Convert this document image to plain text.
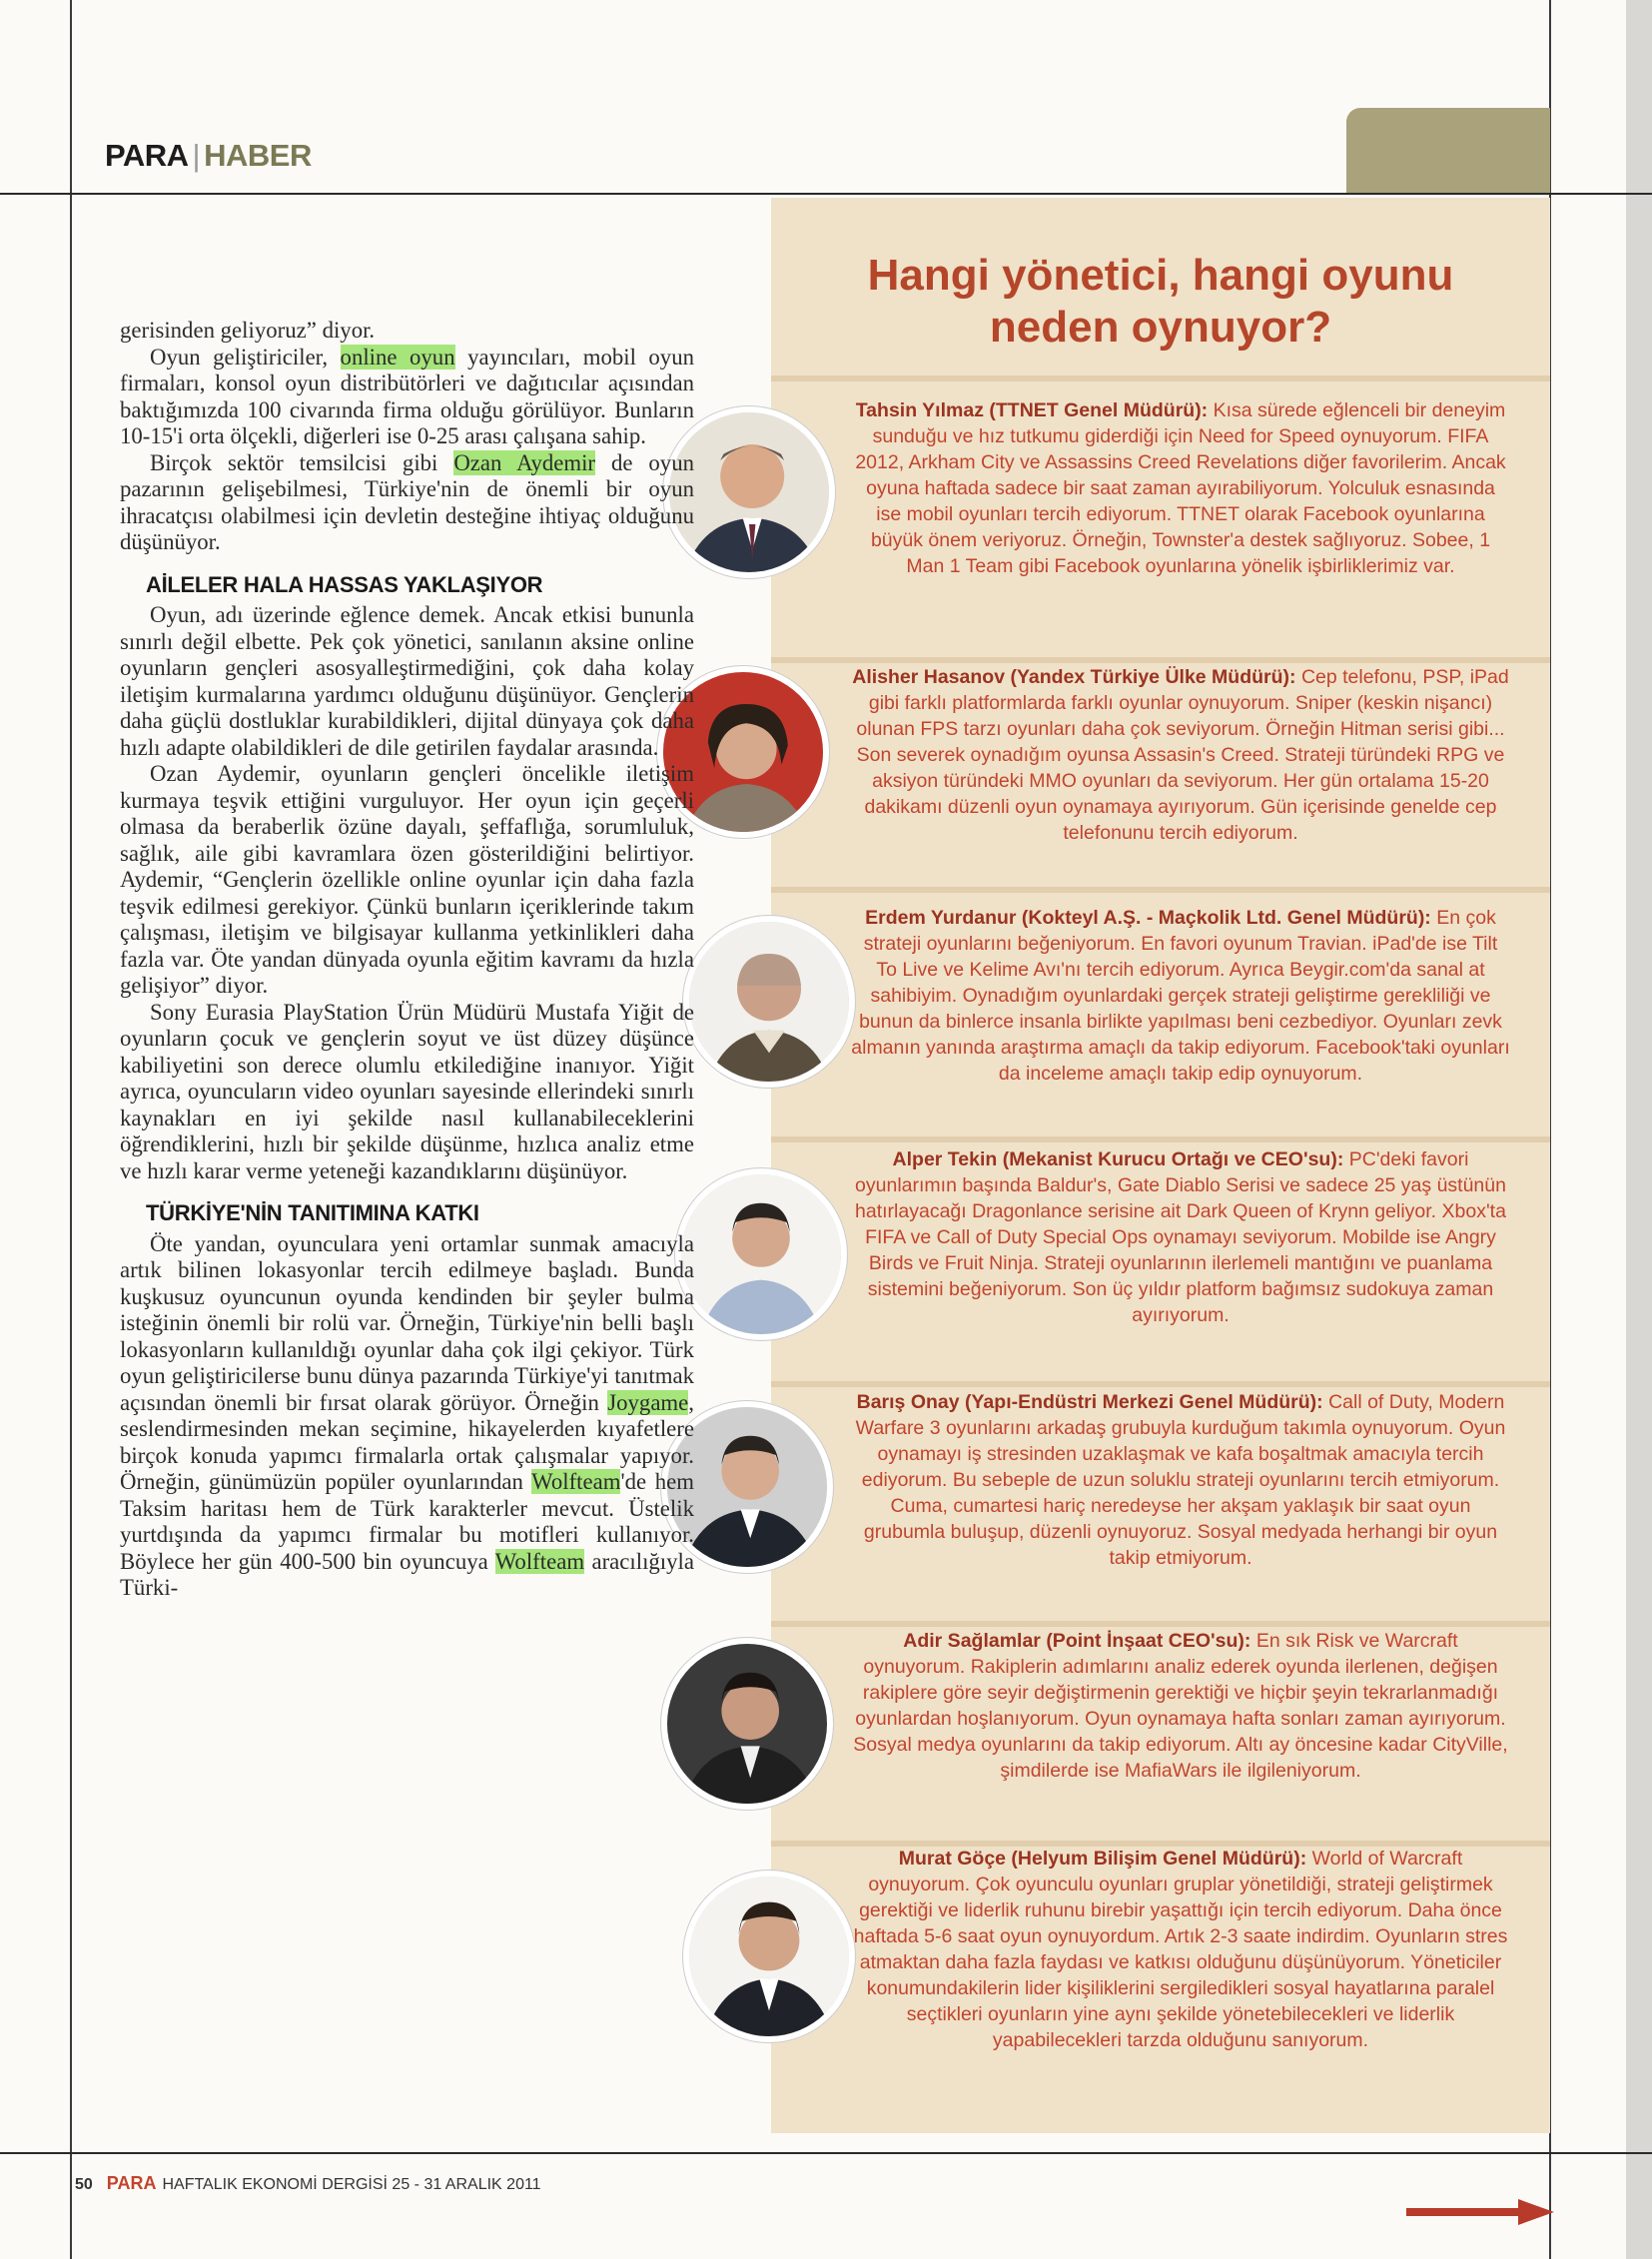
PARA | HABER
Hangi yönetici, hangi oyunu neden oynuyor?
Tahsin Yılmaz (TTNET Genel Müdürü): Kısa sürede eğlenceli bir deneyim sunduğu ve hız tutkumu giderdiği için Need for Speed oynuyorum. FIFA 2012, Arkham City ve Assassins Creed Revelations diğer favorilerim. Ancak oyuna haftada sadece bir saat zaman ayırabiliyorum. Yolculuk esnasında ise mobil oyunları tercih ediyorum. TTNET olarak Facebook oyunlarına büyük önem veriyoruz. Örneğin, Townster'a destek sağlıyoruz. Sobee, 1 Man 1 Team gibi Facebook oyunlarına yönelik işbirliklerimiz var.
Alisher Hasanov (Yandex Türkiye Ülke Müdürü): Cep telefonu, PSP, iPad gibi farklı platformlarda farklı oyunlar oynuyorum. Sniper (keskin nişancı) olunan FPS tarzı oyunları daha çok seviyorum. Örneğin Hitman serisi gibi... Son severek oynadığım oyunsa Assasin's Creed. Strateji türündeki RPG ve aksiyon türündeki MMO oyunları da seviyorum. Her gün ortalama 15-20 dakikamı düzenli oyun oynamaya ayırıyorum. Gün içerisinde genelde cep telefonunu tercih ediyorum.
Erdem Yurdanur (Kokteyl A.Ş. - Maçkolik Ltd. Genel Müdürü): En çok strateji oyunlarını beğeniyorum. En favori oyunum Travian. iPad'de ise Tilt To Live ve Kelime Avı'nı tercih ediyorum. Ayrıca Beygir.com'da sanal at sahibiyim. Oynadığım oyunlardaki gerçek strateji geliştirme gerekliliği ve bunun da binlerce insanla birlikte yapılması beni cezbediyor. Oyunları zevk almanın yanında araştırma amaçlı da takip ediyorum. Facebook'taki oyunları da inceleme amaçlı takip edip oynuyorum.
Alper Tekin (Mekanist Kurucu Ortağı ve CEO'su): PC'deki favori oyunlarımın başında Baldur's, Gate Diablo Serisi ve sadece 25 yaş üstünün hatırlayacağı Dragonlance serisine ait Dark Queen of Krynn geliyor. Xbox'ta FIFA ve Call of Duty Special Ops oynamayı seviyorum. Mobilde ise Angry Birds ve Fruit Ninja. Strateji oyunlarının ilerlemeli mantığını ve puanlama sistemini beğeniyorum. Son üç yıldır platform bağımsız sudokuya zaman ayırıyorum.
Barış Onay (Yapı-Endüstri Merkezi Genel Müdürü): Call of Duty, Modern Warfare 3 oyunlarını arkadaş grubuyla kurduğum takımla oynuyorum. Oyun oynamayı iş stresinden uzaklaşmak ve kafa boşaltmak amacıyla tercih ediyorum. Bu sebeple de uzun soluklu strateji oyunlarını tercih etmiyorum. Cuma, cumartesi hariç neredeyse her akşam yaklaşık bir saat oyun grubumla buluşup, düzenli oynuyoruz. Sosyal medyada herhangi bir oyun takip etmiyorum.
Adir Sağlamlar (Point İnşaat CEO'su): En sık Risk ve Warcraft oynuyorum. Rakiplerin adımlarını analiz ederek oyunda ilerlenen, değişen rakiplere göre seyir değiştirmenin gerektiği ve hiçbir şeyin tekrarlanmadığı oyunlardan hoşlanıyorum. Oyun oynamaya hafta sonları zaman ayırıyorum. Sosyal medya oyunlarını da takip ediyorum. Altı ay öncesine kadar CityVille, şimdilerde ise MafiaWars ile ilgileniyorum.
Murat Göçe (Helyum Bilişim Genel Müdürü): World of Warcraft oynuyorum. Çok oyunculu oyunları gruplar yönetildiği, strateji geliştirmek gerektiği ve liderlik ruhunu birebir yaşattığı için tercih ediyorum. Daha önce haftada 5-6 saat oyun oynuyordum. Artık 2-3 saate indirdim. Oyunların stres atmaktan daha fazla faydası ve katkısı olduğunu düşünüyorum. Yöneticiler konumundakilerin lider kişiliklerini sergiledikleri sosyal hayatlarına paralel seçtikleri oyunların yine aynı şekilde yönetebilecekleri ve liderlik yapabilecekleri tarzda olduğunu sanıyorum.

gerisinden geliyoruz” diyor.

Oyun geliştiriciler, online oyun yayıncıları, mobil oyun firmaları, konsol oyun distribütörleri ve dağıtıcılar açısından baktığımızda 100 civarında firma olduğu görülüyor. Bunların 10-15'i orta ölçekli, diğerleri ise 0-25 arası çalışana sahip.

Birçok sektör temsilcisi gibi Ozan Aydemir de oyun pazarının gelişebilmesi, Türkiye'nin de önemli bir oyun ihracatçısı olabilmesi için devletin desteğine ihtiyaç olduğunu düşünüyor.

AİLELER HALA HASSAS YAKLAŞIYOR

Oyun, adı üzerinde eğlence demek. Ancak etkisi bununla sınırlı değil elbette. Pek çok yönetici, sanılanın aksine online oyunların gençleri asosyalleştirmediğini, çok daha kolay iletişim kurmalarına yardımcı olduğunu düşünüyor. Gençlerin daha güçlü dostluklar kurabildikleri, dijital dünyaya çok daha hızlı adapte olabildikleri de dile getirilen faydalar arasında.

Ozan Aydemir, oyunların gençleri öncelikle iletişim kurmaya teşvik ettiğini vurguluyor. Her oyun için geçerli olmasa da beraberlik özüne dayalı, şeffaflığa, sorumluluk, sağlık, aile gibi kavramlara özen gösterildiğini belirtiyor. Aydemir, “Gençlerin özellikle online oyunlar için daha fazla teşvik edilmesi gerekiyor. Çünkü bunların içeriklerinde takım çalışması, iletişim ve bilgisayar kullanma yetkinlikleri daha fazla var. Öte yandan dünyada oyunla eğitim kavramı da hızla gelişiyor” diyor.

Sony Eurasia PlayStation Ürün Müdürü Mustafa Yiğit de oyunların çocuk ve gençlerin soyut ve üst düzey düşünce kabiliyetini son derece olumlu etkilediğine inanıyor. Yiğit ayrıca, oyuncuların video oyunları sayesinde ellerindeki sınırlı kaynakları en iyi şekilde nasıl kullanabileceklerini öğrendiklerini, hızlı bir şekilde düşünme, hızlıca analiz etme ve hızlı karar verme yeteneği kazandıklarını düşünüyor.

TÜRKİYE'NİN TANITIMINA KATKI

Öte yandan, oyunculara yeni ortamlar sunmak amacıyla artık bilinen lokasyonlar tercih edilmeye başladı. Bunda kuşkusuz oyuncunun oyunda kendinden bir şeyler bulma isteğinin önemli bir rolü var. Örneğin, Türkiye'nin belli başlı lokasyonların kullanıldığı oyunlar daha çok ilgi çekiyor. Türk oyun geliştiricilerse bunu dünya pazarında Türkiye'yi tanıtmak açısından önemli bir fırsat olarak görüyor. Örneğin Joygame, seslendirmesinden mekan seçimine, hikayelerden kıyafetlere birçok konuda yapımcı firmalarla ortak çalışmalar yapıyor. Örneğin, günümüzün popüler oyunlarından Wolfteam'de hem Taksim haritası hem de Türk karakterler mevcut. Üstelik yurtdışında da yapımcı firmalar bu motifleri kullanıyor. Böylece her gün 400-500 bin oyuncuya Wolfteam aracılığıyla Türki-

50 PARA HAFTALIK EKONOMİ DERGİSİ 25 - 31 ARALIK 2011
